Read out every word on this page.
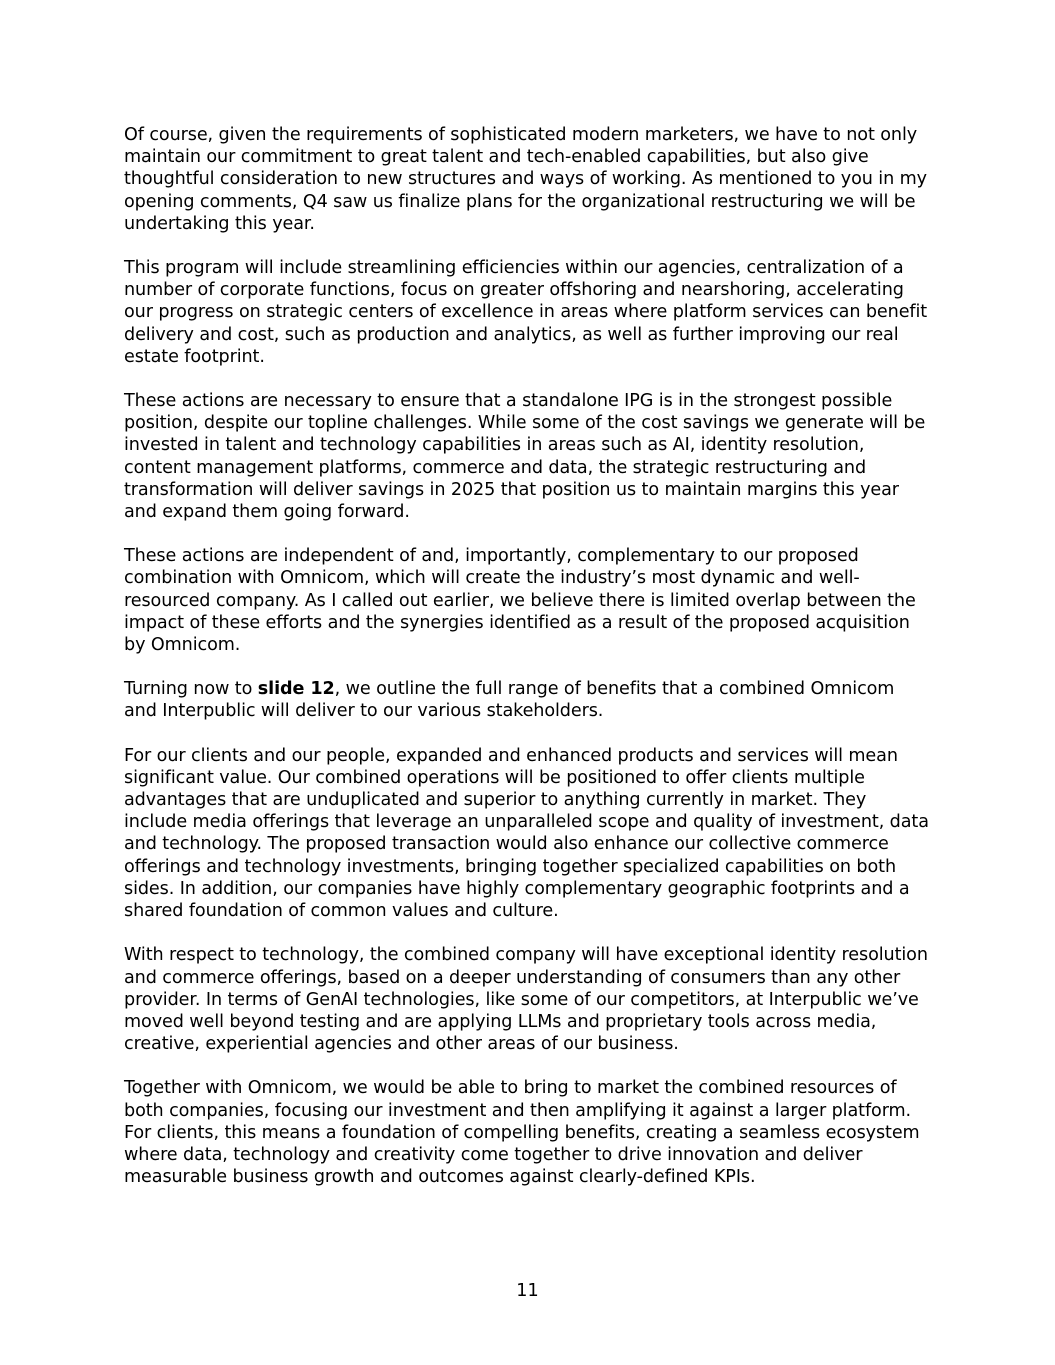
Of course, given the requirements of sophisticated modern marketers, we have to not only maintain our commitment to great talent and tech-enabled capabilities, but also give thoughtful consideration to new structures and ways of working. As mentioned to you in my opening comments, Q4 saw us finalize plans for the organizational restructuring we will be undertaking this year.

This program will include streamlining efficiencies within our agencies, centralization of a number of corporate functions, focus on greater offshoring and nearshoring, accelerating our progress on strategic centers of excellence in areas where platform services can benefit delivery and cost, such as production and analytics, as well as further improving our real estate footprint.

These actions are necessary to ensure that a standalone IPG is in the strongest possible position, despite our topline challenges. While some of the cost savings we generate will be invested in talent and technology capabilities in areas such as AI, identity resolution, content management platforms, commerce and data, the strategic restructuring and transformation will deliver savings in 2025 that position us to maintain margins this year and expand them going forward.

These actions are independent of and, importantly, complementary to our proposed combination with Omnicom, which will create the industry’s most dynamic and well-resourced company. As I called out earlier, we believe there is limited overlap between the impact of these efforts and the synergies identified as a result of the proposed acquisition by Omnicom.

Turning now to slide 12, we outline the full range of benefits that a combined Omnicom and Interpublic will deliver to our various stakeholders.

For our clients and our people, expanded and enhanced products and services will mean significant value. Our combined operations will be positioned to offer clients multiple advantages that are unduplicated and superior to anything currently in market. They include media offerings that leverage an unparalleled scope and quality of investment, data and technology. The proposed transaction would also enhance our collective commerce offerings and technology investments, bringing together specialized capabilities on both sides. In addition, our companies have highly complementary geographic footprints and a shared foundation of common values and culture.

With respect to technology, the combined company will have exceptional identity resolution and commerce offerings, based on a deeper understanding of consumers than any other provider. In terms of GenAI technologies, like some of our competitors, at Interpublic we’ve moved well beyond testing and are applying LLMs and proprietary tools across media, creative, experiential agencies and other areas of our business.

Together with Omnicom, we would be able to bring to market the combined resources of both companies, focusing our investment and then amplifying it against a larger platform. For clients, this means a foundation of compelling benefits, creating a seamless ecosystem where data, technology and creativity come together to drive innovation and deliver measurable business growth and outcomes against clearly-defined KPIs.

11
